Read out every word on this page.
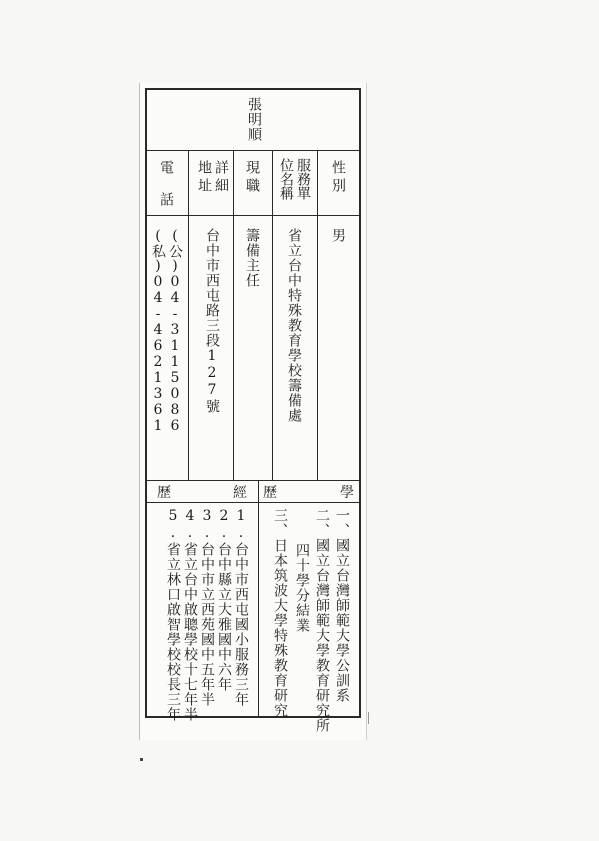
張明順
性別
服務單
位名稱
現職
詳細
地址
電話
男
省立台中特殊教育學校籌備處
籌備主任
台中市西屯路三段127號
(公)04-3115086
(私)04-4621361
學
歷
經
歷
一、國立台灣師範大學公訓系
二、國立台灣師範大學教育研究所
四十學分結業
三、日本筑波大學特殊教育研究
1.台中市西屯國小服務三年
2.台中縣立大雅國中六年
3.台中市立西苑國中五年半
4.省立台中啟聰學校十七年半
5.省立林口啟智學校校長三年
